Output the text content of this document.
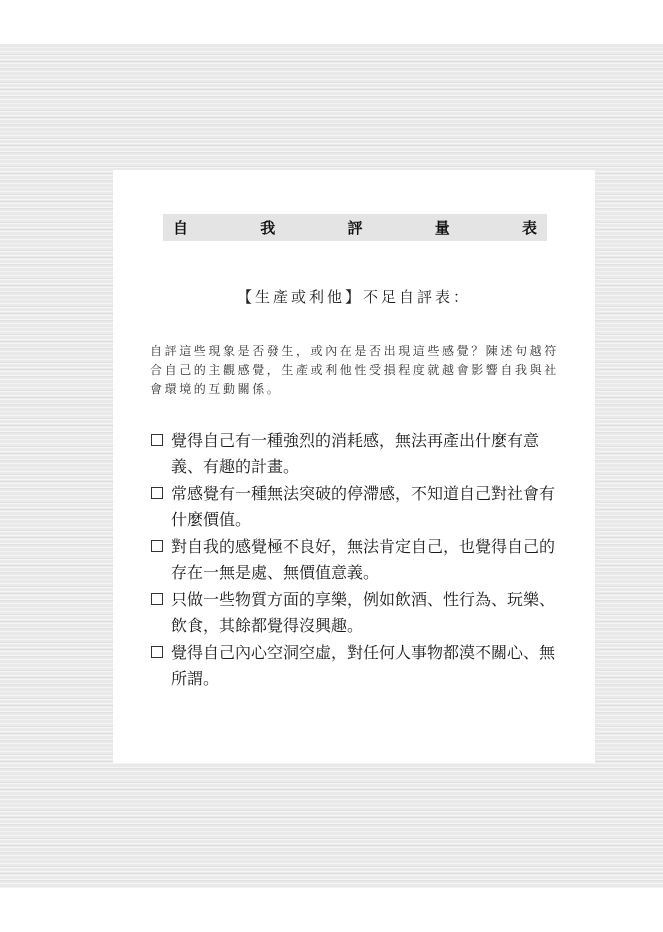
自	我	評	量	表
【生產或利他】不足自評表：

自評這些現象是否發生，或內在是否出現這些感覺？陳述句越符合自己的主觀感覺，生產或利他性受損程度就越會影響自我與社會環境的互動關係。

覺得自己有一種強烈的消耗感，無法再產出什麼有意義、有趣的計畫。
常感覺有一種無法突破的停滯感，不知道自己對社會有什麼價值。
對自我的感覺極不良好，無法肯定自己，也覺得自己的存在一無是處、無價值意義。
只做一些物質方面的享樂，例如飲酒、性行為、玩樂、飲食，其餘都覺得沒興趣。
覺得自己內心空洞空虛，對任何人事物都漠不關心、無所謂。
